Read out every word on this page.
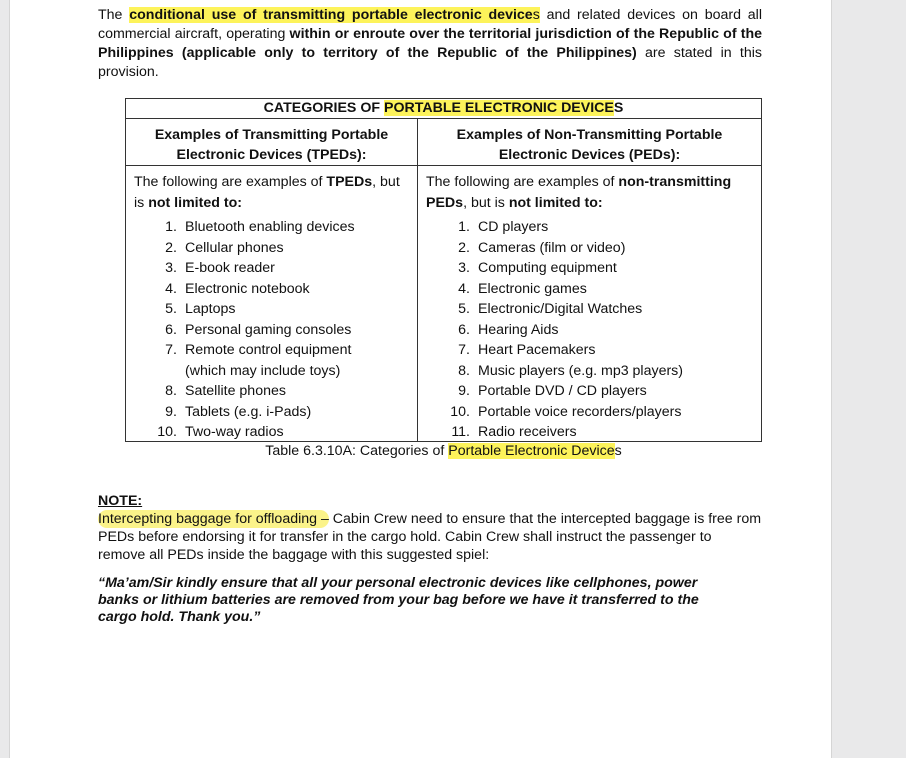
The conditional use of transmitting portable electronic devices and related devices on board all commercial aircraft, operating within or enroute over the territorial jurisdiction of the Republic of the Philippines (applicable only to territory of the Republic of the Philippines) are stated in this provision.

CATEGORIES OF PORTABLE ELECTRONIC DEVICES
Examples of Transmitting Portable Electronic Devices (TPEDs):
Examples of Non-Transmitting Portable Electronic Devices (PEDs):

The following are examples of TPEDs, but is not limited to:

1. Bluetooth enabling devices
2. Cellular phones
3. E-book reader
4. Electronic notebook
5. Laptops
6. Personal gaming consoles
7. Remote control equipment
(which may include toys)
8. Satellite phones
9. Tablets (e.g. i-Pads)
10. Two-way radios

The following are examples of non-transmitting PEDs, but is not limited to:

1. CD players
2. Cameras (film or video)
3. Computing equipment
4. Electronic games
5. Electronic/Digital Watches
6. Hearing Aids
7. Heart Pacemakers
8. Music players (e.g. mp3 players)
9. Portable DVD / CD players
10. Portable voice recorders/players
11. Radio receivers
Table 6.3.10A: Categories of Portable Electronic Devices
NOTE:

Intercepting baggage for offloading – Cabin Crew need to ensure that the intercepted baggage is free rom PEDs before endorsing it for transfer in the cargo hold. Cabin Crew shall instruct the passenger to remove all PEDs inside the baggage with this suggested spiel:

“Ma’am/Sir kindly ensure that all your personal electronic devices like cellphones, power banks or lithium batteries are removed from your bag before we have it transferred to the cargo hold. Thank you.”
